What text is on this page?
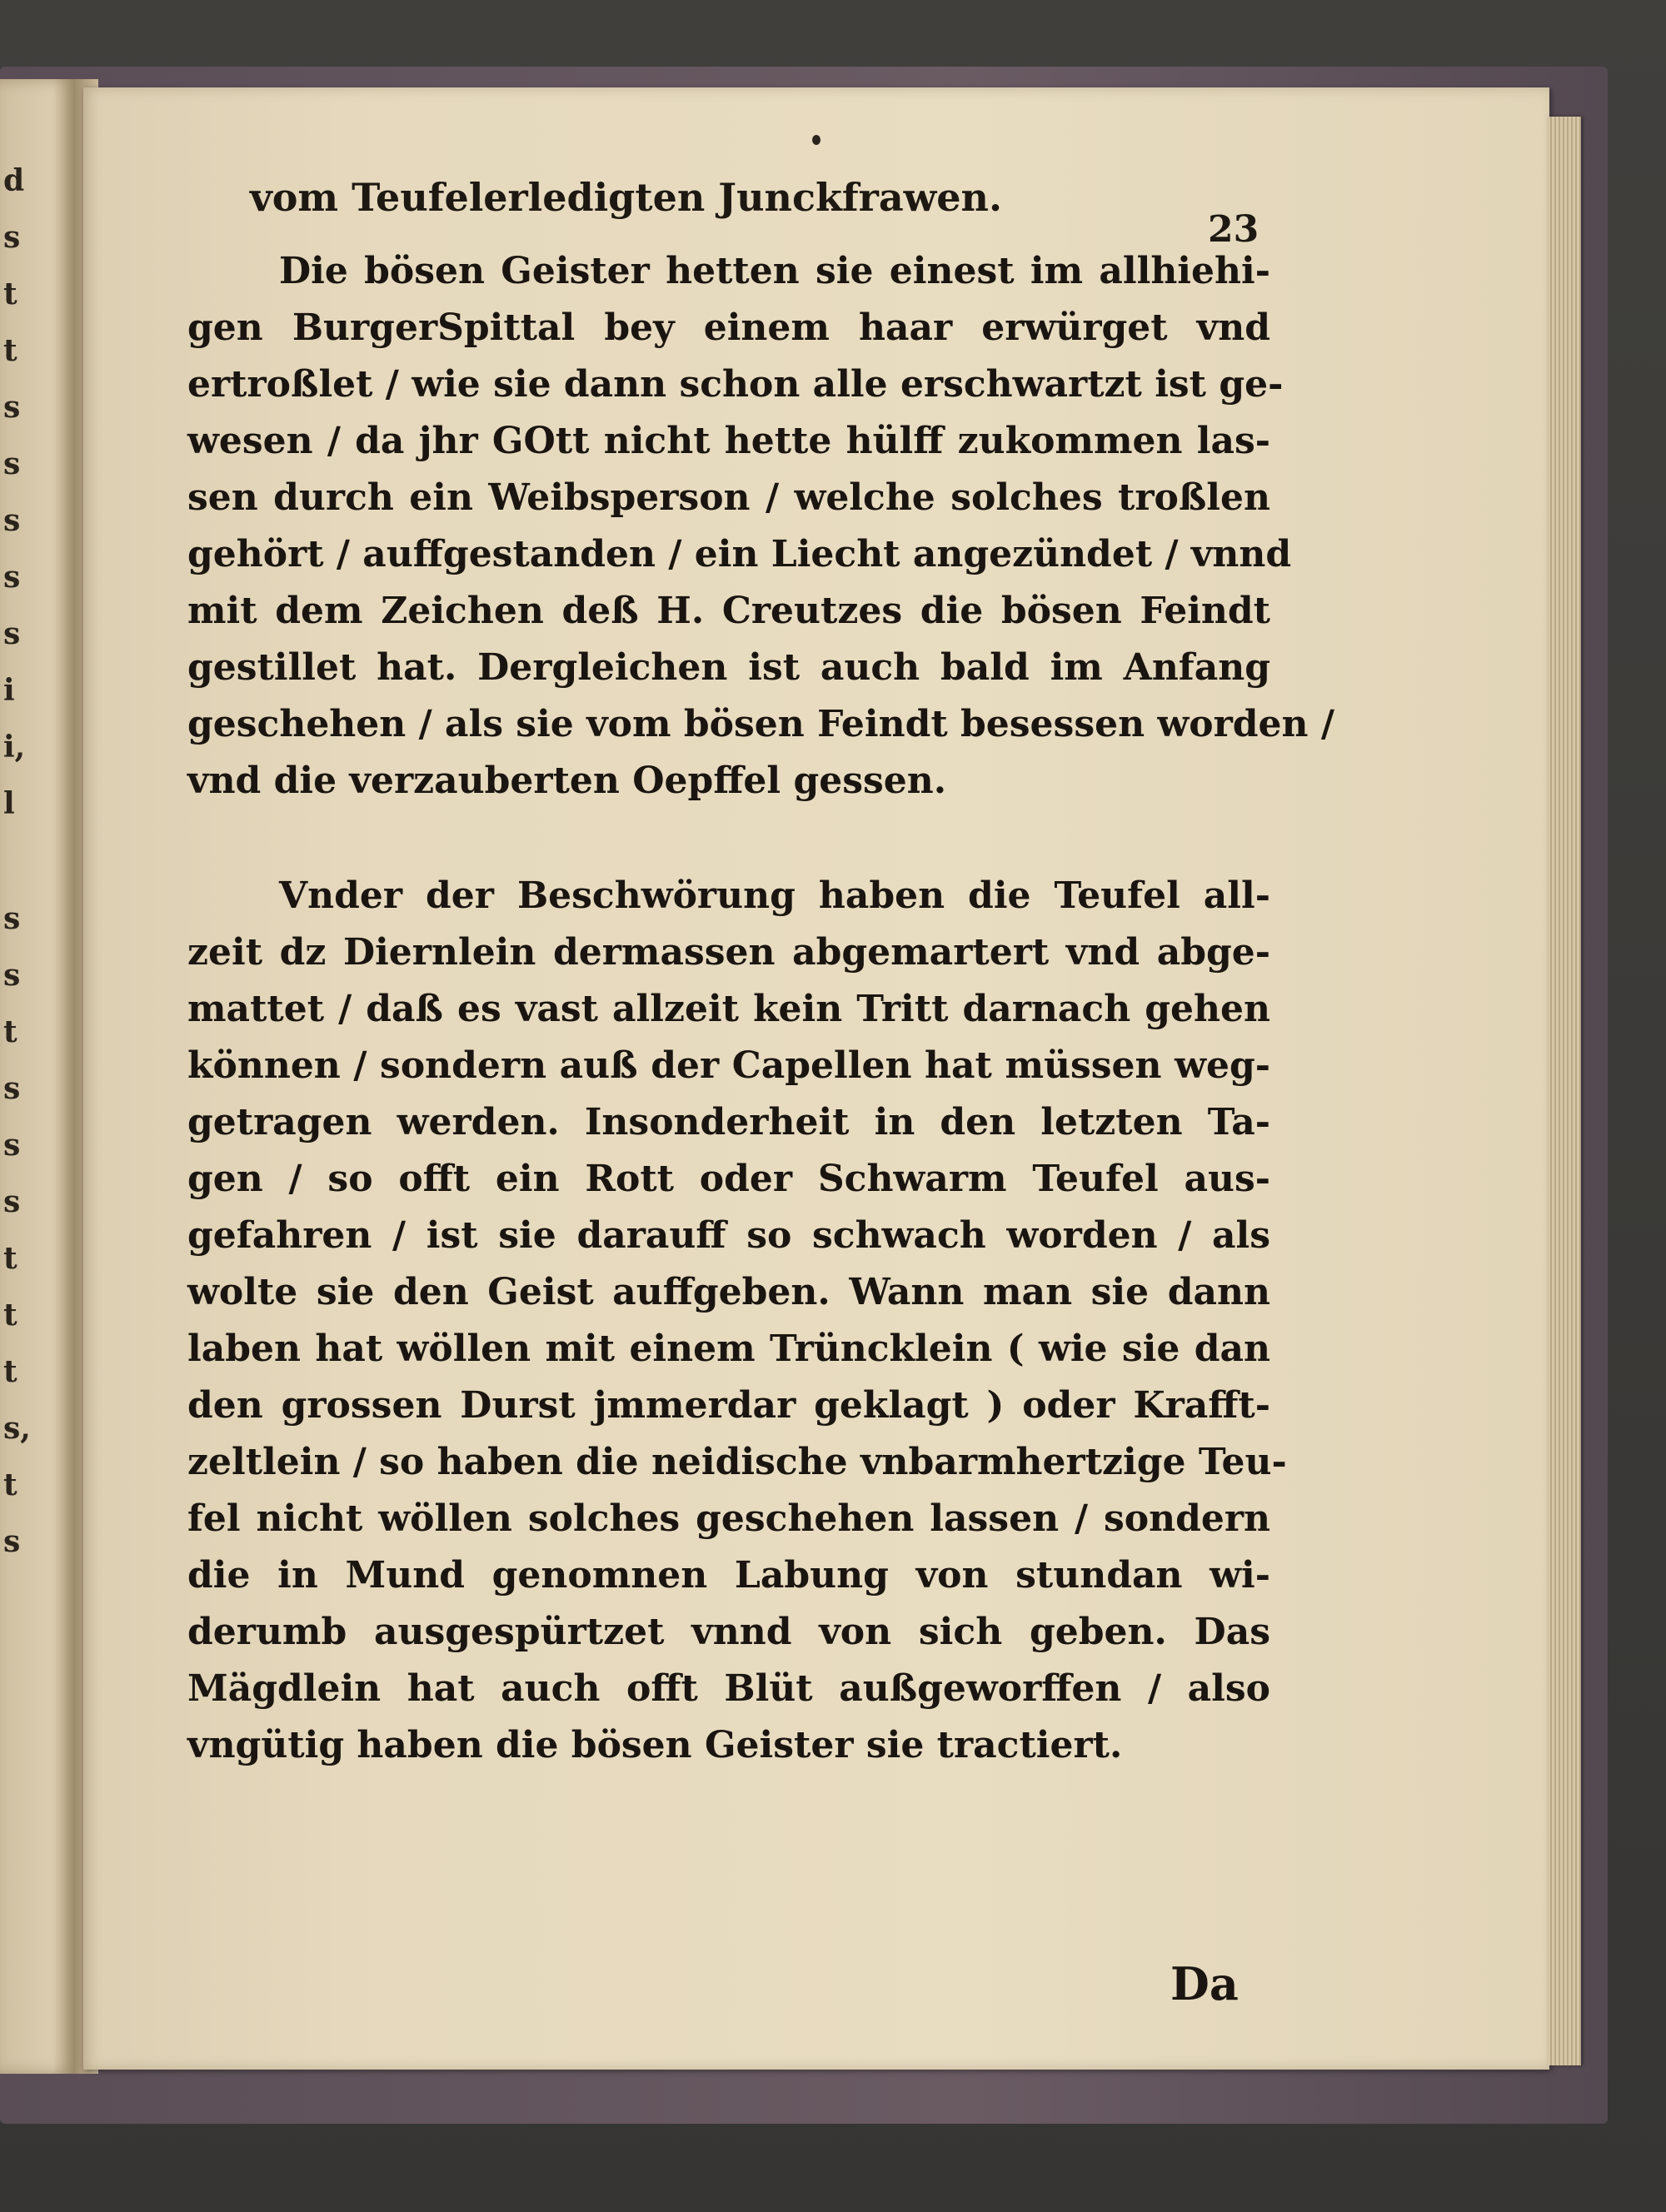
d
s
t
t
s
s
s
s
s
i
i,
l
s
s
t
s
s
s
t
t
t
s,
t
s
vom Teufelerledigten Junckfrawen.
23
Die bösen Geister hetten sie einest im allhiehi-
gen BurgerSpittal bey einem haar erwürget vnd
ertroßlet / wie sie dann schon alle erschwartzt ist ge-
wesen / da jhr GOtt nicht hette hülff zukommen las-
sen durch ein Weibsperson / welche solches troßlen
gehört / auffgestanden / ein Liecht angezündet / vnnd
mit dem Zeichen deß H. Creutzes die bösen Feindt
gestillet hat. Dergleichen ist auch bald im Anfang
geschehen / als sie vom bösen Feindt besessen worden /
vnd die verzauberten Oepffel gessen.
Vnder der Beschwörung haben die Teufel all-
zeit dz Diernlein dermassen abgemartert vnd abge-
mattet / daß es vast allzeit kein Tritt darnach gehen
können / sondern auß der Capellen hat müssen weg-
getragen werden. Insonderheit in den letzten Ta-
gen / so offt ein Rott oder Schwarm Teufel aus-
gefahren / ist sie darauff so schwach worden / als
wolte sie den Geist auffgeben. Wann man sie dann
laben hat wöllen mit einem Trüncklein ( wie sie dan
den grossen Durst jmmerdar geklagt ) oder Krafft-
zeltlein / so haben die neidische vnbarmhertzige Teu-
fel nicht wöllen solches geschehen lassen / sondern
die in Mund genomnen Labung von stundan wi-
derumb ausgespürtzet vnnd von sich geben. Das
Mägdlein hat auch offt Blüt außgeworffen / also
vngütig haben die bösen Geister sie tractiert.
Da
